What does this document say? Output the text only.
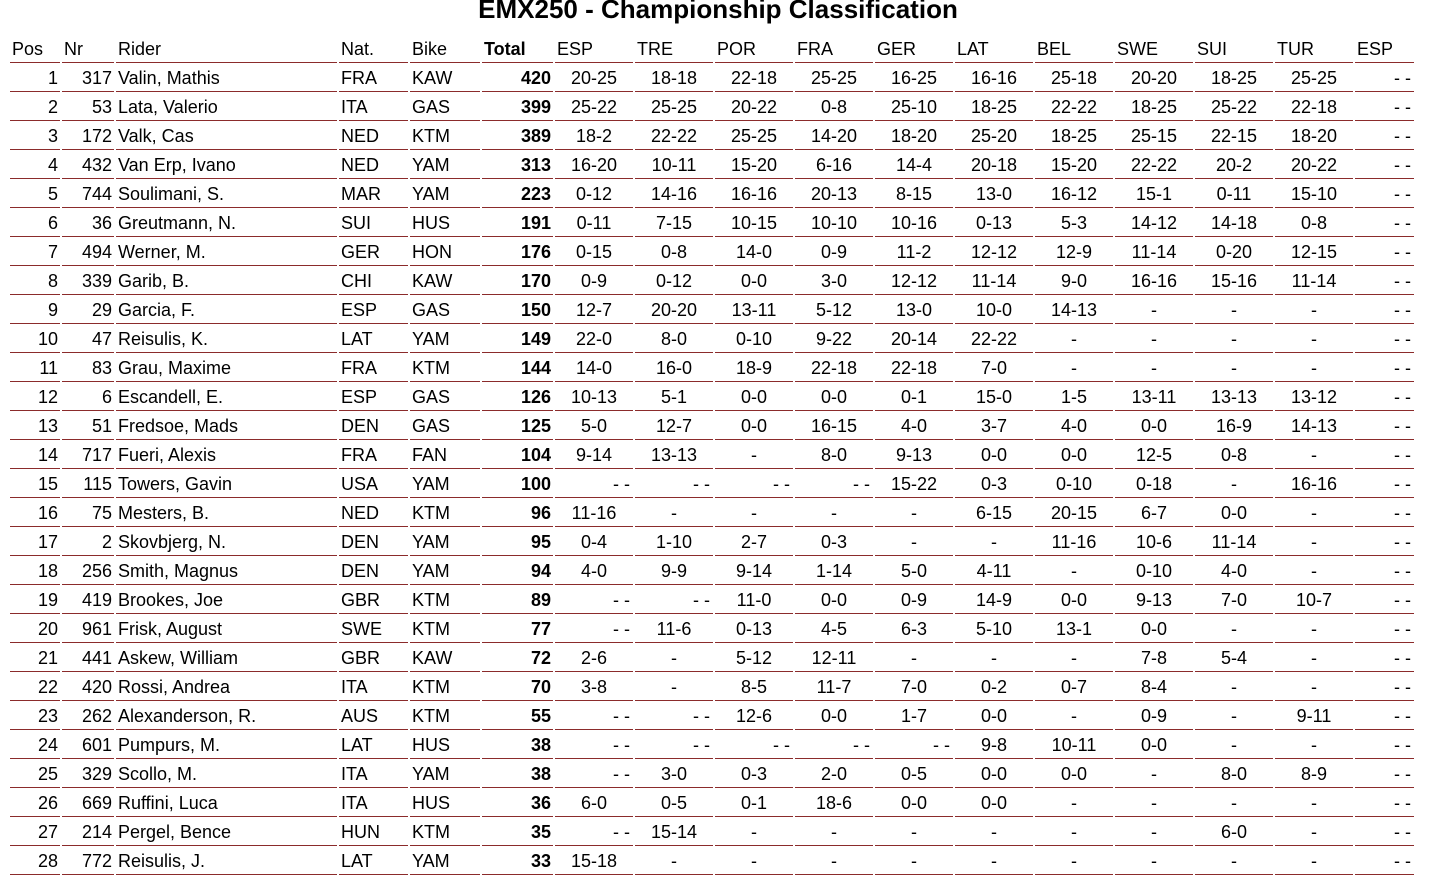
EMX250 - Championship Classification
Pos	Nr	Rider	Nat.	Bike	Total	ESP	TRE	POR	FRA	GER	LAT	BEL	SWE	SUI	TUR	ESP
1	317	Valin, Mathis	FRA	KAW	420	20-25	18-18	22-18	25-25	16-25	16-16	25-18	20-20	18-25	25-25	- -
2	53	Lata, Valerio	ITA	GAS	399	25-22	25-25	20-22	0-8	25-10	18-25	22-22	18-25	25-22	22-18	- -
3	172	Valk, Cas	NED	KTM	389	18-2	22-22	25-25	14-20	18-20	25-20	18-25	25-15	22-15	18-20	- -
4	432	Van Erp, Ivano	NED	YAM	313	16-20	10-11	15-20	6-16	14-4	20-18	15-20	22-22	20-2	20-22	- -
5	744	Soulimani, S.	MAR	YAM	223	0-12	14-16	16-16	20-13	8-15	13-0	16-12	15-1	0-11	15-10	- -
6	36	Greutmann, N.	SUI	HUS	191	0-11	7-15	10-15	10-10	10-16	0-13	5-3	14-12	14-18	0-8	- -
7	494	Werner, M.	GER	HON	176	0-15	0-8	14-0	0-9	11-2	12-12	12-9	11-14	0-20	12-15	- -
8	339	Garib, B.	CHI	KAW	170	0-9	0-12	0-0	3-0	12-12	11-14	9-0	16-16	15-16	11-14	- -
9	29	Garcia, F.	ESP	GAS	150	12-7	20-20	13-11	5-12	13-0	10-0	14-13	-	-	-	- -
10	47	Reisulis, K.	LAT	YAM	149	22-0	8-0	0-10	9-22	20-14	22-22	-	-	-	-	- -
11	83	Grau, Maxime	FRA	KTM	144	14-0	16-0	18-9	22-18	22-18	7-0	-	-	-	-	- -
12	6	Escandell, E.	ESP	GAS	126	10-13	5-1	0-0	0-0	0-1	15-0	1-5	13-11	13-13	13-12	- -
13	51	Fredsoe, Mads	DEN	GAS	125	5-0	12-7	0-0	16-15	4-0	3-7	4-0	0-0	16-9	14-13	- -
14	717	Fueri, Alexis	FRA	FAN	104	9-14	13-13	-	8-0	9-13	0-0	0-0	12-5	0-8	-	- -
15	115	Towers, Gavin	USA	YAM	100	- -	- -	- -	- -	15-22	0-3	0-10	0-18	-	16-16	- -
16	75	Mesters, B.	NED	KTM	96	11-16	-	-	-	-	6-15	20-15	6-7	0-0	-	- -
17	2	Skovbjerg, N.	DEN	YAM	95	0-4	1-10	2-7	0-3	-	-	11-16	10-6	11-14	-	- -
18	256	Smith, Magnus	DEN	YAM	94	4-0	9-9	9-14	1-14	5-0	4-11	-	0-10	4-0	-	- -
19	419	Brookes, Joe	GBR	KTM	89	- -	- -	11-0	0-0	0-9	14-9	0-0	9-13	7-0	10-7	- -
20	961	Frisk, August	SWE	KTM	77	- -	11-6	0-13	4-5	6-3	5-10	13-1	0-0	-	-	- -
21	441	Askew, William	GBR	KAW	72	2-6	-	5-12	12-11	-	-	-	7-8	5-4	-	- -
22	420	Rossi, Andrea	ITA	KTM	70	3-8	-	8-5	11-7	7-0	0-2	0-7	8-4	-	-	- -
23	262	Alexanderson, R.	AUS	KTM	55	- -	- -	12-6	0-0	1-7	0-0	-	0-9	-	9-11	- -
24	601	Pumpurs, M.	LAT	HUS	38	- -	- -	- -	- -	- -	9-8	10-11	0-0	-	-	- -
25	329	Scollo, M.	ITA	YAM	38	- -	3-0	0-3	2-0	0-5	0-0	0-0	-	8-0	8-9	- -
26	669	Ruffini, Luca	ITA	HUS	36	6-0	0-5	0-1	18-6	0-0	0-0	-	-	-	-	- -
27	214	Pergel, Bence	HUN	KTM	35	- -	15-14	-	-	-	-	-	-	6-0	-	- -
28	772	Reisulis, J.	LAT	YAM	33	15-18	-	-	-	-	-	-	-	-	-	- -
